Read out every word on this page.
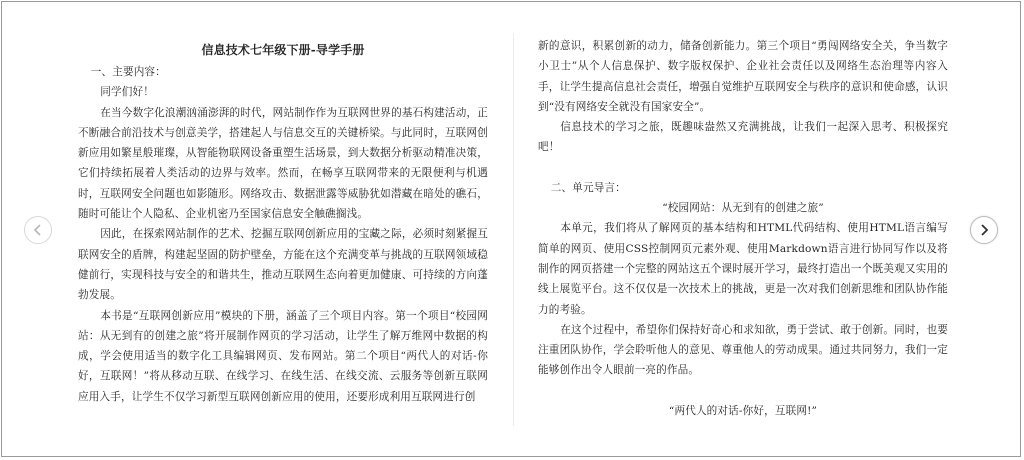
信息技术七年级下册-导学手册

一、主要内容：

同学们好！

在当今数字化浪潮汹涌澎湃的时代，网站制作作为互联网世界的基石构建活动，正不断融合前沿技术与创意美学，搭建起人与信息交互的关键桥梁。与此同时，互联网创新应用如繁星般璀璨，从智能物联网设备重塑生活场景，到大数据分析驱动精准决策，它们持续拓展着人类活动的边界与效率。然而，在畅享互联网带来的无限便利与机遇时，互联网安全问题也如影随形。网络攻击、数据泄露等威胁犹如潜藏在暗处的礁石，随时可能让个人隐私、企业机密乃至国家信息安全触礁搁浅。

因此，在探索网站制作的艺术、挖掘互联网创新应用的宝藏之际，必须时刻紧握互联网安全的盾牌，构建起坚固的防护壁垒，方能在这个充满变革与挑战的互联网领域稳健前行，实现科技与安全的和谐共生，推动互联网生态向着更加健康、可持续的方向蓬勃发展。

本书是“互联网创新应用”模块的下册，涵盖了三个项目内容。第一个项目“校园网站：从无到有的创建之旅”将开展制作网页的学习活动，让学生了解万维网中数据的构成，学会使用适当的数字化工具编辑网页、发布网站。第二个项目“两代人的对话-你好，互联网！”将从移动互联、在线学习、在线生活、在线交流、云服务等创新互联网应用入手，让学生不仅学习新型互联网创新应用的使用，还要形成利用互联网进行创

新的意识，积累创新的动力，储备创新能力。第三个项目“勇闯网络安全关，争当数字小卫士”从个人信息保护、数字版权保护、企业社会责任以及网络生态治理等内容入手，让学生提高信息社会责任，增强自觉维护互联网安全与秩序的意识和使命感，认识到“没有网络安全就没有国家安全”。

信息技术的学习之旅，既趣味盎然又充满挑战，让我们一起深入思考、积极探究吧！

二、单元导言：

“校园网站：从无到有的创建之旅”

本单元，我们将从了解网页的基本结构和HTML代码结构、使用HTML语言编写简单的网页、使用CSS控制网页元素外观、使用Markdown语言进行协同写作以及将制作的网页搭建一个完整的网站这五个课时展开学习，最终打造出一个既美观又实用的线上展览平台。这不仅仅是一次技术上的挑战，更是一次对我们创新思维和团队协作能力的考验。

在这个过程中，希望你们保持好奇心和求知欲，勇于尝试、敢于创新。同时，也要注重团队协作，学会聆听他人的意见、尊重他人的劳动成果。通过共同努力，我们一定能够创作出令人眼前一亮的作品。

“两代人的对话-你好，互联网!”
